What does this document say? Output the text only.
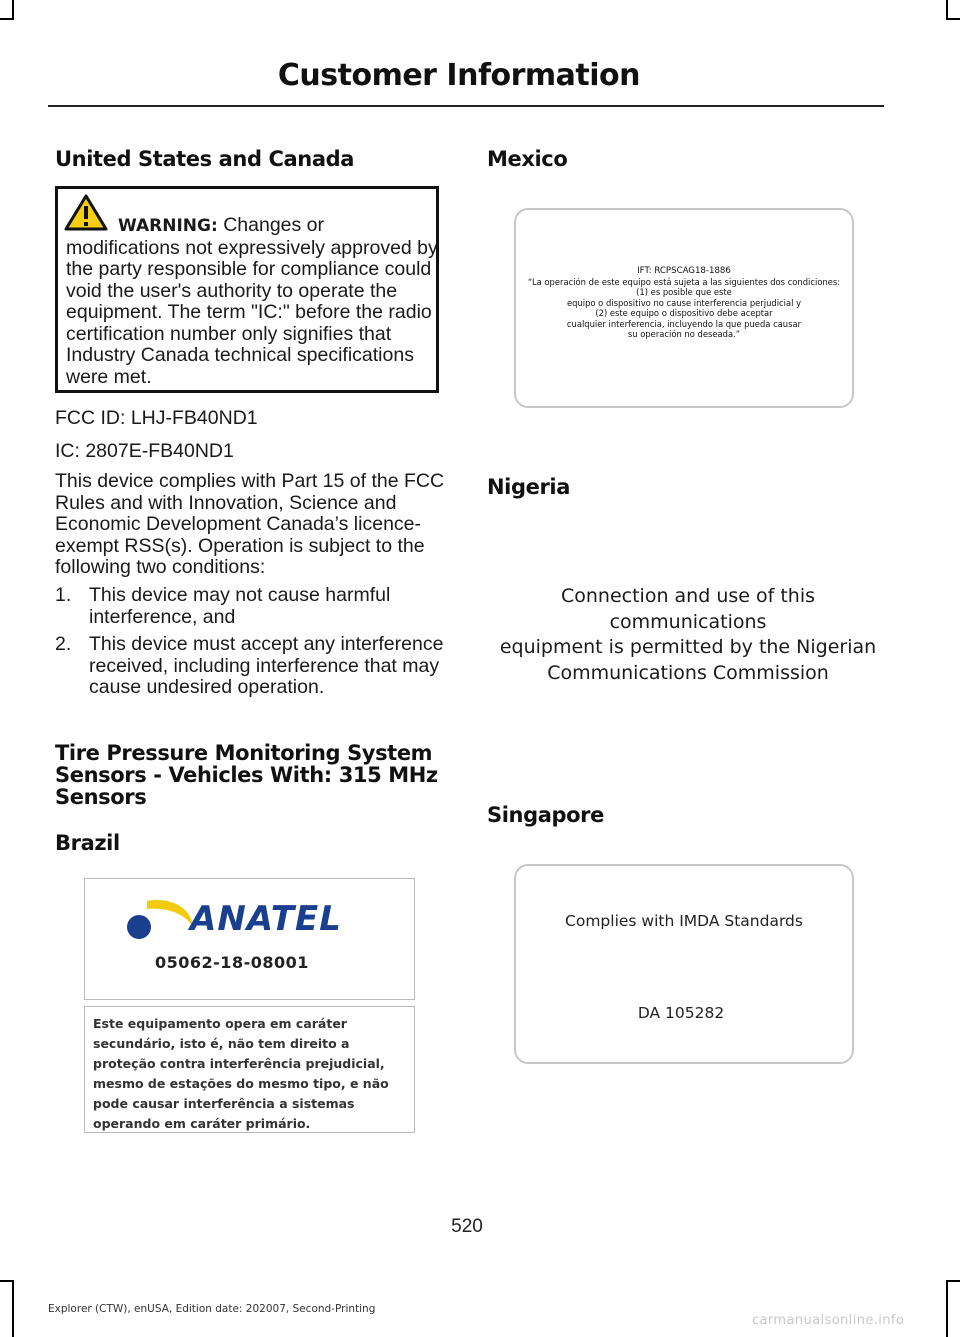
Customer Information
United States and Canada

WARNING: Changes or modifications not expressively approved by the party responsible for compliance could void the user's authority to operate the equipment. The term "IC:" before the radio certification number only signifies that Industry Canada technical specifications were met.

FCC ID: LHJ-FB40ND1

IC: 2807E-FB40ND1

This device complies with Part 15 of the FCC Rules and with Innovation, Science and Economic Development Canada’s licence-exempt RSS(s). Operation is subject to the following two conditions:

1. This device may not cause harmful interference, and
2. This device must accept any interference received, including interference that may cause undesired operation.
Tire Pressure Monitoring System Sensors - Vehicles With: 315 MHz Sensors
Brazil
ANATEL
05062-18-08001

Este equipamento opera em caráter secundário, isto é, não tem direito a proteção contra interferência prejudicial, mesmo de estações do mesmo tipo, e não pode causar interferência a sistemas operando em caráter primário.

Mexico

IFT: RCPSCAG18-1886
“La operación de este equipo está sujeta a las siguientes dos condiciones:
(1) es posible que este
equipo o dispositivo no cause interferencia perjudicial y
(2) este equipo o dispositivo debe aceptar
cualquier interferencia, incluyendo la que pueda causar
su operación no deseada.”

Nigeria

Connection and use of this
communications
equipment is permitted by the Nigerian
Communications Commission

Singapore
Complies with IMDA Standards
DA 105282
520
Explorer (CTW), enUSA, Edition date: 202007, Second-Printing
carmanualsonline.info
